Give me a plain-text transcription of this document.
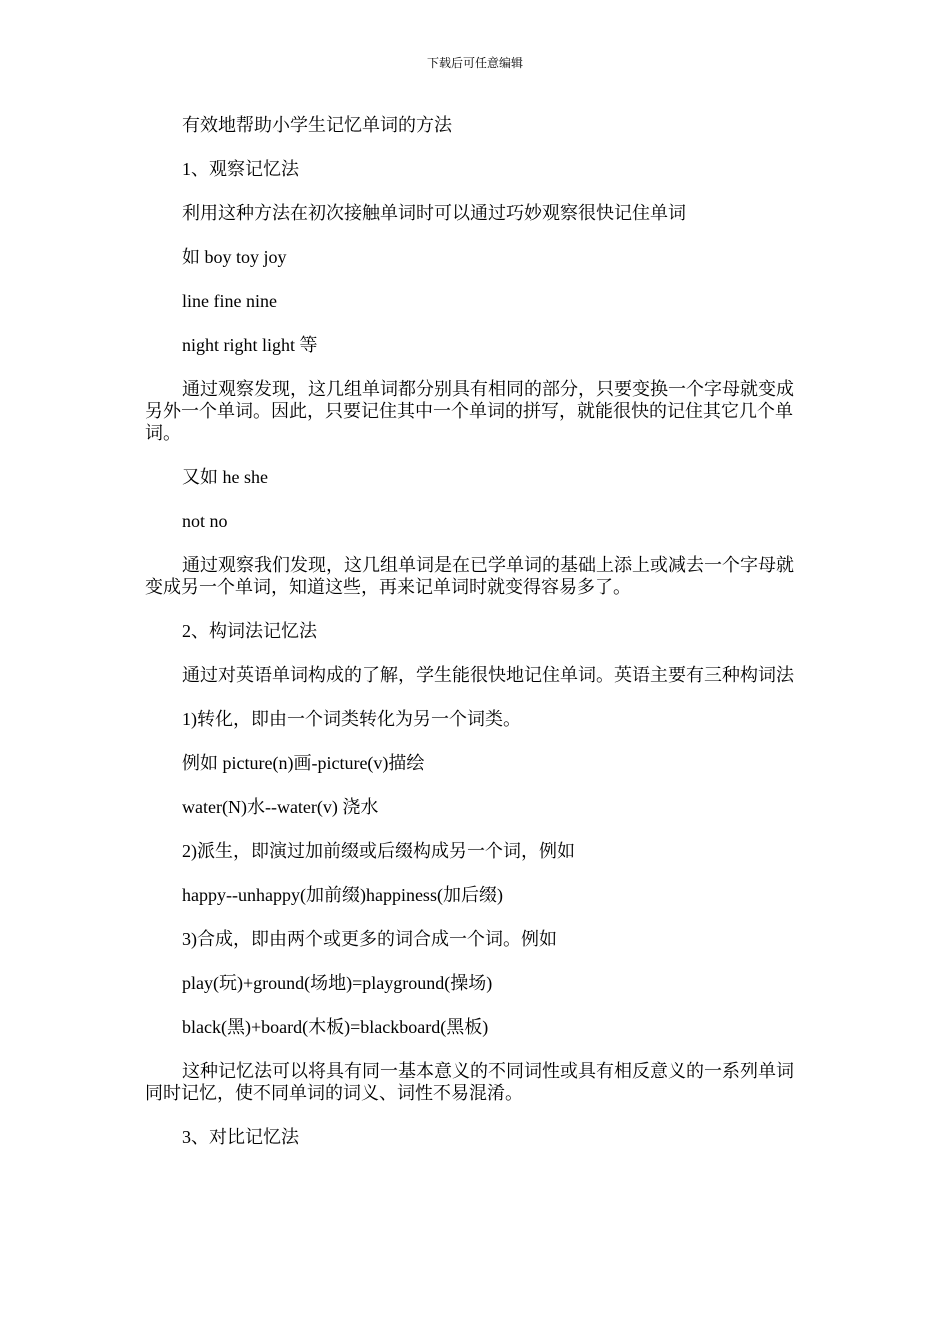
下载后可任意编辑

有效地帮助小学生记忆单词的方法

1、观察记忆法

利用这种方法在初次接触单词时可以通过巧妙观察很快记住单词

如 boy toy joy

line fine nine

night right light 等

通过观察发现，这几组单词都分别具有相同的部分，只要变换一个字母就变成另外一个单词。因此，只要记住其中一个单词的拼写，就能很快的记住其它几个单词。

又如 he she

not no

通过观察我们发现，这几组单词是在已学单词的基础上添上或减去一个字母就变成另一个单词，知道这些，再来记单词时就变得容易多了。

2、构词法记忆法

通过对英语单词构成的了解，学生能很快地记住单词。英语主要有三种构词法

1)转化，即由一个词类转化为另一个词类。

例如 picture(n)画-picture(v)描绘

water(N)水--water(v) 浇水

2)派生，即演过加前缀或后缀构成另一个词，例如

happy--unhappy(加前缀)happiness(加后缀)

3)合成，即由两个或更多的词合成一个词。例如

play(玩)+ground(场地)=playground(操场)

black(黑)+board(木板)=blackboard(黑板)

这种记忆法可以将具有同一基本意义的不同词性或具有相反意义的一系列单词同时记忆，使不同单词的词义、词性不易混淆。

3、对比记忆法
